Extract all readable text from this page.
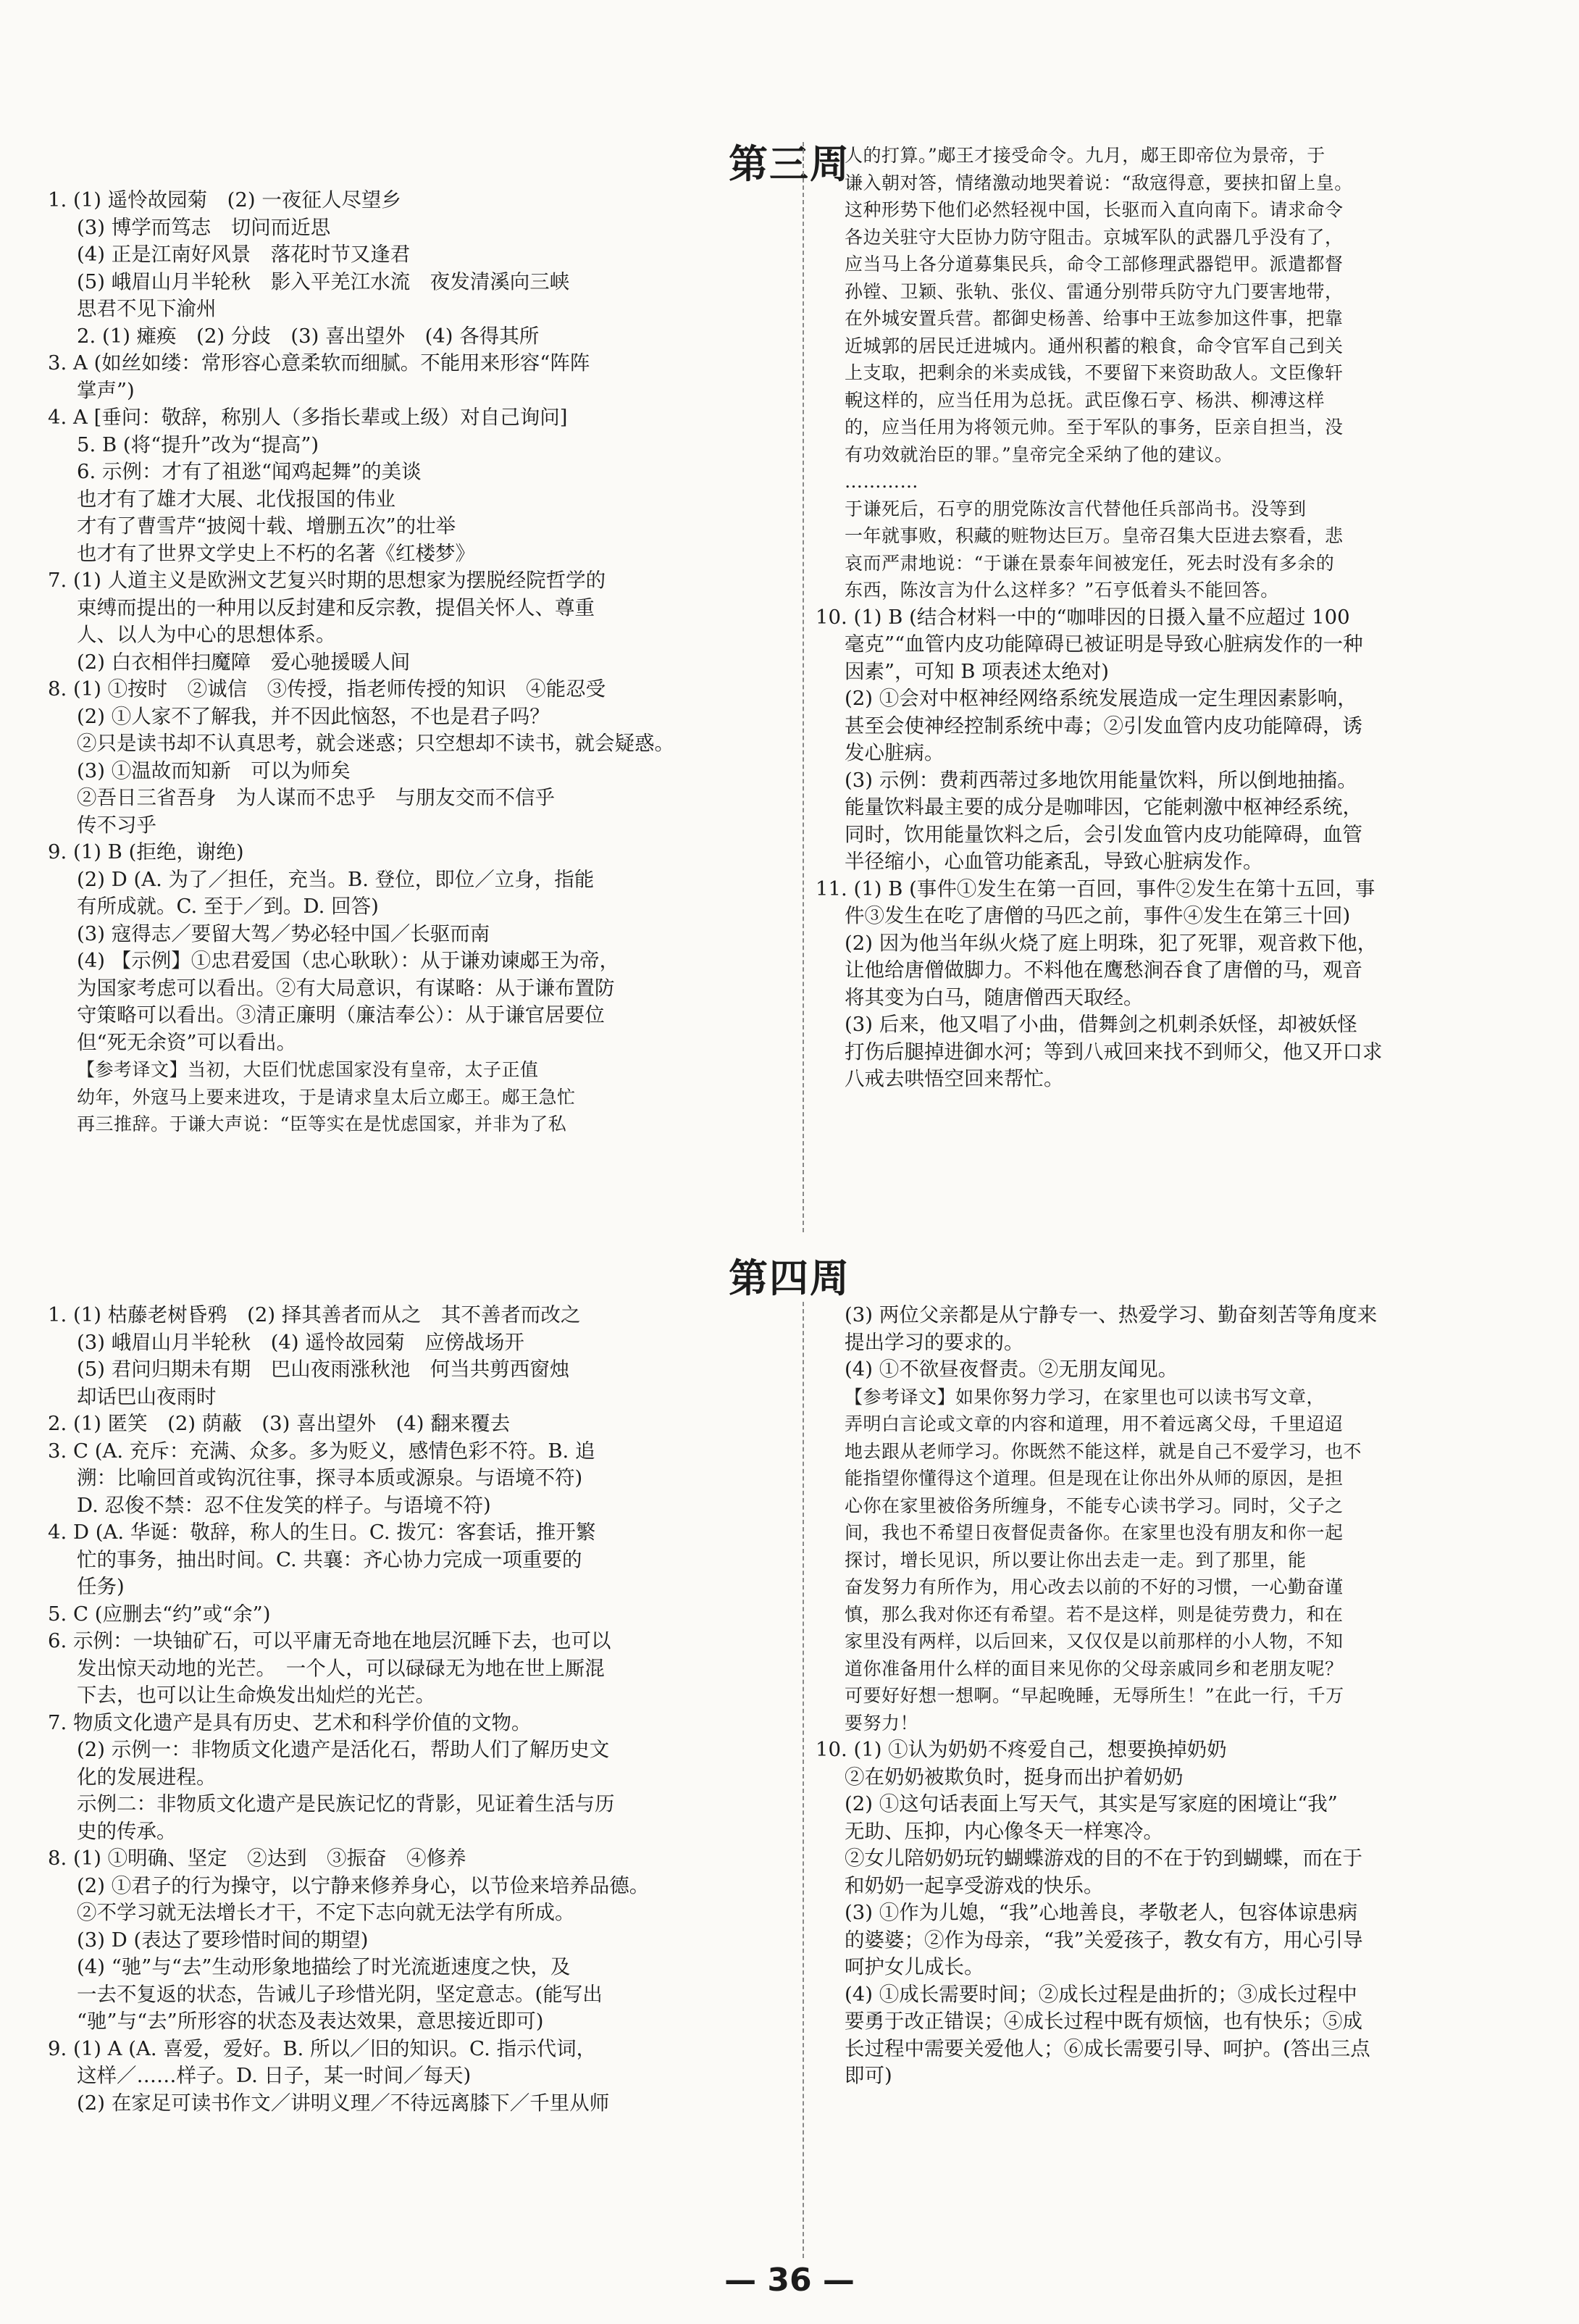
第三周
1. (1) 遥怜故园菊　(2) 一夜征人尽望乡
(3) 博学而笃志　切问而近思
(4) 正是江南好风景　落花时节又逢君
(5) 峨眉山月半轮秋　影入平羌江水流　夜发清溪向三峡
思君不见下渝州
2. (1) 瘫痪　(2) 分歧　(3) 喜出望外　(4) 各得其所
3. A (如丝如缕：常形容心意柔软而细腻。不能用来形容“阵阵
掌声”)
4. A [垂问：敬辞，称别人（多指长辈或上级）对自己询问]
5. B (将“提升”改为“提高”)
6. 示例：才有了祖逖“闻鸡起舞”的美谈
也才有了雄才大展、北伐报国的伟业
才有了曹雪芹“披阅十载、增删五次”的壮举
也才有了世界文学史上不朽的名著《红楼梦》
7. (1) 人道主义是欧洲文艺复兴时期的思想家为摆脱经院哲学的
束缚而提出的一种用以反封建和反宗教，提倡关怀人、尊重
人、以人为中心的思想体系。
(2) 白衣相伴扫魔障　爱心驰援暖人间
8. (1) ①按时　②诚信　③传授，指老师传授的知识　④能忍受
(2) ①人家不了解我，并不因此恼怒，不也是君子吗？
②只是读书却不认真思考，就会迷惑；只空想却不读书，就会疑惑。
(3) ①温故而知新　可以为师矣
②吾日三省吾身　为人谋而不忠乎　与朋友交而不信乎
传不习乎
9. (1) B (拒绝，谢绝)
(2) D (A. 为了／担任，充当。B. 登位，即位／立身，指能
有所成就。C. 至于／到。D. 回答)
(3) 寇得志／要留大驾／势必轻中国／长驱而南
(4) 【示例】①忠君爱国（忠心耿耿）：从于谦劝谏郕王为帝，
为国家考虑可以看出。②有大局意识，有谋略：从于谦布置防
守策略可以看出。③清正廉明（廉洁奉公）：从于谦官居要位
但“死无余资”可以看出。
【参考译文】当初，大臣们忧虑国家没有皇帝，太子正值
幼年，外寇马上要来进攻，于是请求皇太后立郕王。郕王急忙
再三推辞。于谦大声说：“臣等实在是忧虑国家，并非为了私
人的打算。”郕王才接受命令。九月，郕王即帝位为景帝，于
谦入朝对答，情绪激动地哭着说：“敌寇得意，要挟扣留上皇。
这种形势下他们必然轻视中国，长驱而入直向南下。请求命令
各边关驻守大臣协力防守阻击。京城军队的武器几乎没有了，
应当马上各分道募集民兵，命令工部修理武器铠甲。派遣都督
孙镗、卫颖、张轨、张仪、雷通分别带兵防守九门要害地带，
在外城安置兵营。都御史杨善、给事中王竑参加这件事，把靠
近城郭的居民迁进城内。通州积蓄的粮食，命令官军自己到关
上支取，把剩余的米卖成钱，不要留下来资助敌人。文臣像轩
輗这样的，应当任用为总抚。武臣像石亨、杨洪、柳溥这样
的，应当任用为将领元帅。至于军队的事务，臣亲自担当，没
有功效就治臣的罪。”皇帝完全采纳了他的建议。
…………
于谦死后，石亨的朋党陈汝言代替他任兵部尚书。没等到
一年就事败，积藏的赃物达巨万。皇帝召集大臣进去察看，悲
哀而严肃地说：“于谦在景泰年间被宠任，死去时没有多余的
东西，陈汝言为什么这样多？”石亨低着头不能回答。
10. (1) B (结合材料一中的“咖啡因的日摄入量不应超过 100
毫克”“血管内皮功能障碍已被证明是导致心脏病发作的一种
因素”，可知 B 项表述太绝对)
(2) ①会对中枢神经网络系统发展造成一定生理因素影响，
甚至会使神经控制系统中毒；②引发血管内皮功能障碍，诱
发心脏病。
(3) 示例：费莉西蒂过多地饮用能量饮料，所以倒地抽搐。
能量饮料最主要的成分是咖啡因，它能刺激中枢神经系统，
同时，饮用能量饮料之后，会引发血管内皮功能障碍，血管
半径缩小，心血管功能紊乱，导致心脏病发作。
11. (1) B (事件①发生在第一百回，事件②发生在第十五回，事
件③发生在吃了唐僧的马匹之前，事件④发生在第三十回)
(2) 因为他当年纵火烧了庭上明珠，犯了死罪，观音救下他，
让他给唐僧做脚力。不料他在鹰愁涧吞食了唐僧的马，观音
将其变为白马，随唐僧西天取经。
(3) 后来，他又唱了小曲，借舞剑之机刺杀妖怪，却被妖怪
打伤后腿掉进御水河；等到八戒回来找不到师父，他又开口求
八戒去哄悟空回来帮忙。
第四周
1. (1) 枯藤老树昏鸦　(2) 择其善者而从之　其不善者而改之
(3) 峨眉山月半轮秋　(4) 遥怜故园菊　应傍战场开
(5) 君问归期未有期　巴山夜雨涨秋池　何当共剪西窗烛
却话巴山夜雨时
2. (1) 匿笑　(2) 荫蔽　(3) 喜出望外　(4) 翻来覆去
3. C (A. 充斥：充满、众多。多为贬义，感情色彩不符。B. 追
溯：比喻回首或钩沉往事，探寻本质或源泉。与语境不符)
D. 忍俊不禁：忍不住发笑的样子。与语境不符)
4. D (A. 华诞：敬辞，称人的生日。C. 拨冗：客套话，推开繁
忙的事务，抽出时间。C. 共襄：齐心协力完成一项重要的
任务)
5. C (应删去“约”或“余”)
6. 示例：一块铀矿石，可以平庸无奇地在地层沉睡下去，也可以
发出惊天动地的光芒。　一个人，可以碌碌无为地在世上厮混
下去，也可以让生命焕发出灿烂的光芒。
7. 物质文化遗产是具有历史、艺术和科学价值的文物。
(2) 示例一：非物质文化遗产是活化石，帮助人们了解历史文
化的发展进程。
示例二：非物质文化遗产是民族记忆的背影，见证着生活与历
史的传承。
8. (1) ①明确、坚定　②达到　③振奋　④修养
(2) ①君子的行为操守，以宁静来修养身心，以节俭来培养品德。
②不学习就无法增长才干，不定下志向就无法学有所成。
(3) D (表达了要珍惜时间的期望)
(4) “驰”与“去”生动形象地描绘了时光流逝速度之快，及
一去不复返的状态，告诫儿子珍惜光阴，坚定意志。(能写出
“驰”与“去”所形容的状态及表达效果，意思接近即可)
9. (1) A (A. 喜爱，爱好。B. 所以／旧的知识。C. 指示代词，
这样／……样子。D. 日子，某一时间／每天)
(2) 在家足可读书作文／讲明义理／不待远离膝下／千里从师
(3) 两位父亲都是从宁静专一、热爱学习、勤奋刻苦等角度来
提出学习的要求的。
(4) ①不欲昼夜督责。②无朋友闻见。
【参考译文】如果你努力学习，在家里也可以读书写文章，
弄明白言论或文章的内容和道理，用不着远离父母，千里迢迢
地去跟从老师学习。你既然不能这样，就是自己不爱学习，也不
能指望你懂得这个道理。但是现在让你出外从师的原因，是担
心你在家里被俗务所缠身，不能专心读书学习。同时，父子之
间，我也不希望日夜督促责备你。在家里也没有朋友和你一起
探讨，增长见识，所以要让你出去走一走。到了那里，能
奋发努力有所作为，用心改去以前的不好的习惯，一心勤奋谨
慎，那么我对你还有希望。若不是这样，则是徒劳费力，和在
家里没有两样，以后回来，又仅仅是以前那样的小人物，不知
道你准备用什么样的面目来见你的父母亲戚同乡和老朋友呢？
可要好好想一想啊。“早起晚睡，无辱所生！”在此一行，千万
要努力！
10. (1) ①认为奶奶不疼爱自己，想要换掉奶奶
②在奶奶被欺负时，挺身而出护着奶奶
(2) ①这句话表面上写天气，其实是写家庭的困境让“我”
无助、压抑，内心像冬天一样寒冷。
②女儿陪奶奶玩钓蝴蝶游戏的目的不在于钓到蝴蝶，而在于
和奶奶一起享受游戏的快乐。
(3) ①作为儿媳，“我”心地善良，孝敬老人，包容体谅患病
的婆婆；②作为母亲，“我”关爱孩子，教女有方，用心引导
呵护女儿成长。
(4) ①成长需要时间；②成长过程是曲折的；③成长过程中
要勇于改正错误；④成长过程中既有烦恼，也有快乐；⑤成
长过程中需要关爱他人；⑥成长需要引导、呵护。(答出三点
即可)
— 36 —
